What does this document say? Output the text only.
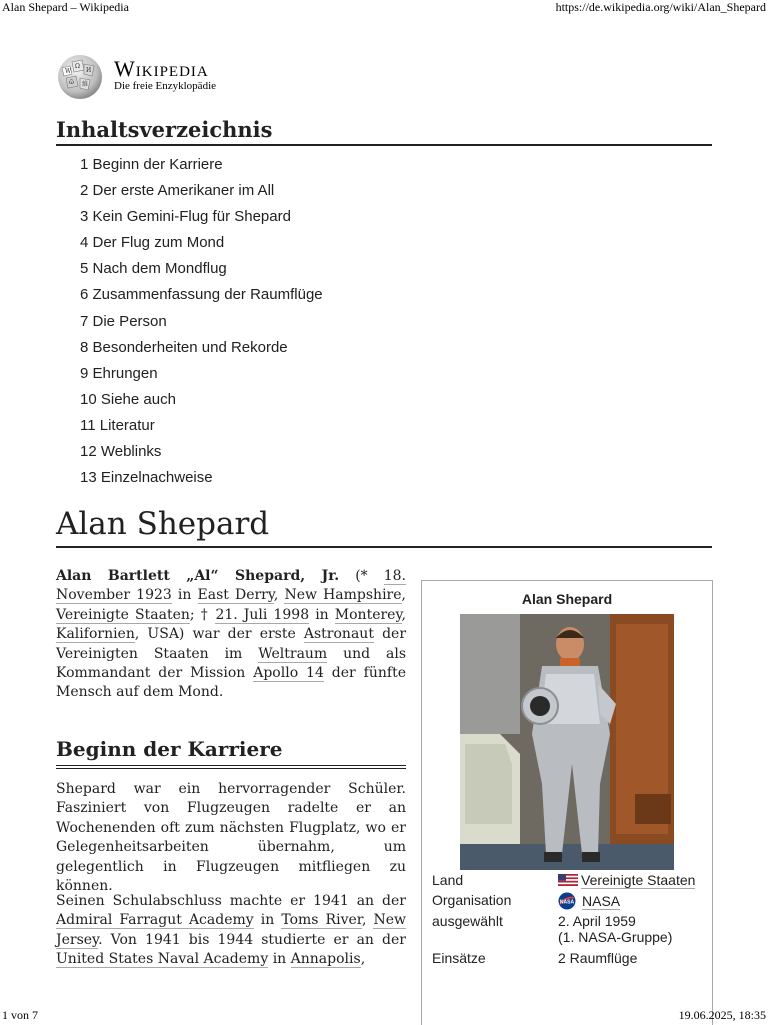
Alan Shepard – Wikipedia	https://de.wikipedia.org/wiki/Alan_Shepard
W
Ω
И
ῶ 維
Wikipedia
Die freie Enzyklopädie
Inhaltsverzeichnis
1 Beginn der Karriere
2 Der erste Amerikaner im All
3 Kein Gemini-Flug für Shepard
4 Der Flug zum Mond
5 Nach dem Mondflug
6 Zusammenfassung der Raumflüge
7 Die Person
8 Besonderheiten und Rekorde
9 Ehrungen
10 Siehe auch
11 Literatur
12 Weblinks
13 Einzelnachweise
Alan Shepard
Alan Bartlett „Al“ Shepard, Jr. (* 18. November 1923 in East Derry, New Hampshire, Vereinigte Staaten; † 21. Juli 1998 in Monterey, Kalifornien, USA) war der erste Astronaut der Vereinigten Staaten im Weltraum und als Kommandant der Mission Apollo 14 der fünfte Mensch auf dem Mond.
Beginn der Karriere
Shepard war ein hervorragender Schüler. Fasziniert von Flugzeugen radelte er an Wochenenden oft zum nächsten Flugplatz, wo er Gelegenheitsarbeiten übernahm, um gelegentlich in Flugzeugen mitfliegen zu können.
Seinen Schulabschluss machte er 1941 an der Admiral Farragut Academy in Toms River, New Jersey. Von 1941 bis 1944 studierte er an der United States Naval Academy in Annapolis,
Alan Shepard
Land	Vereinigte Staaten
Organisation	NASA NASA
ausgewählt	2. April 1959
(1. NASA-Gruppe)
Einsätze	2 Raumflüge
1 von 7	19.06.2025, 18:35
